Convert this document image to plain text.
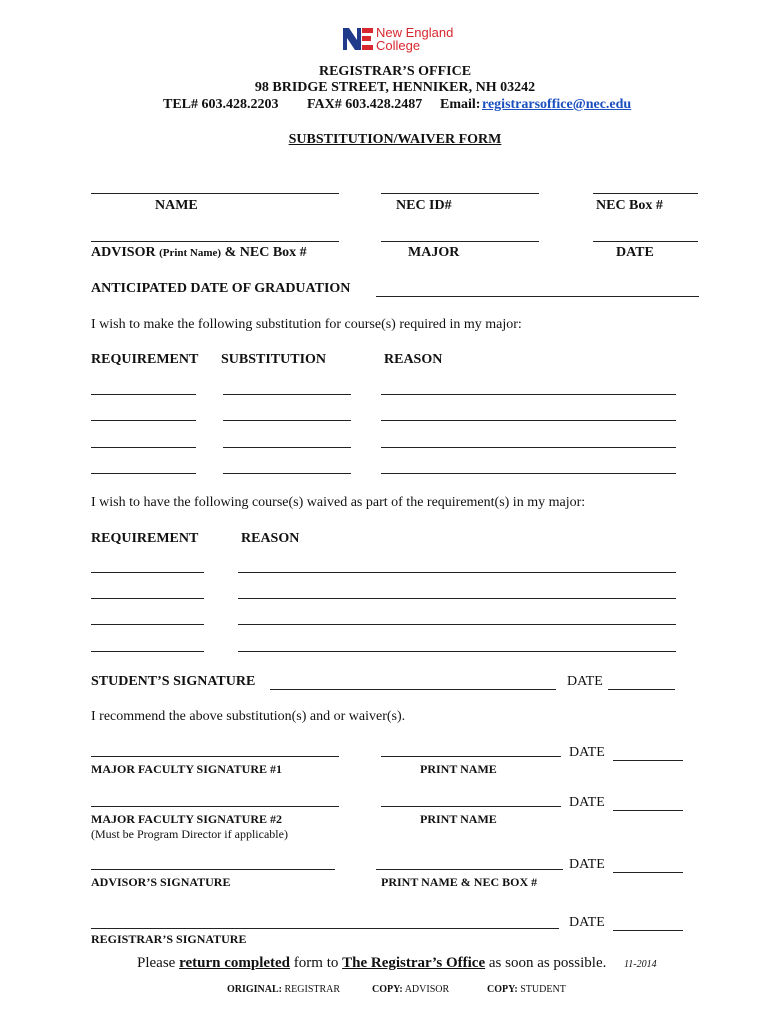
New England
College
REGISTRAR’S OFFICE
98 BRIDGE STREET, HENNIKER, NH 03242
TEL# 603.428.2203 FAX# 603.428.2487 Email: registrarsoffice@nec.edu
SUBSTITUTION/WAIVER FORM
NAME	NEC ID#	NEC Box #
ADVISOR (Print Name) & NEC Box #	MAJOR	DATE
ANTICIPATED DATE OF GRADUATION
I wish to make the following substitution for course(s) required in my major:
REQUIREMENT SUBSTITUTION	REASON
I wish to have the following course(s) waived as part of the requirement(s) in my major:
REQUIREMENT	REASON
STUDENT’S SIGNATURE	DATE
I recommend the above substitution(s) and or waiver(s).
DATE
MAJOR FACULTY SIGNATURE #1	PRINT NAME
DATE
MAJOR FACULTY SIGNATURE #2	PRINT NAME
(Must be Program Director if applicable)
DATE
ADVISOR’S SIGNATURE	PRINT NAME & NEC BOX #
DATE
REGISTRAR’S SIGNATURE
Please return completed form to The Registrar’s Office as soon as possible. 11-2014
ORIGINAL: REGISTRAR	COPY: ADVISOR	COPY: STUDENT
